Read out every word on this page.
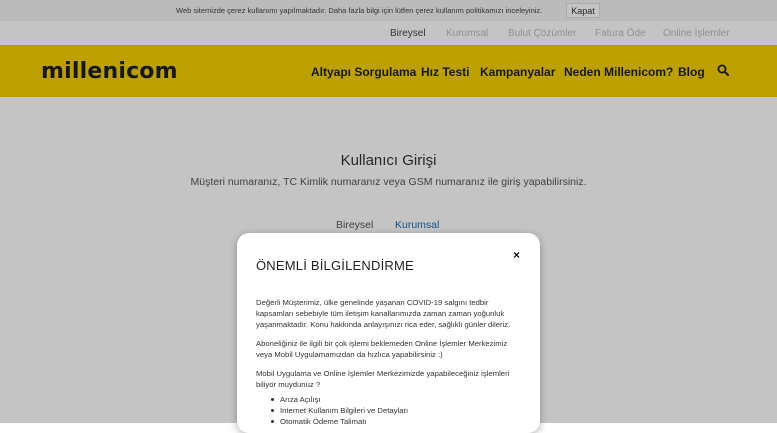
Web sitemizde çerez kullanımı yapılmaktadır. Daha fazla bilgi için lütfen çerez kullanım politikamızı inceleyiniz.	Kapat
Bireysel Kurumsal Bulut Çözümler Fatura Öde Online İşlemler
millenicom	Altyapı Sorgulama Hız Testi Kampanyalar Neden Millenicom? Blog
Kullanıcı Girişi
Müşteri numaranız, TC Kimlik numaranız veya GSM numaranız ile giriş yapabilirsiniz.
Bireysel Kurumsal
ÖNEMLİ BİLGİLENDİRME
×
Değerli Müşterimiz, ülke genelinde yaşanan COVID-19 salgını tedbir kapsamları sebebiyle tüm iletişim kanallarımızda zaman zaman yoğunluk yaşanmaktadır. Konu hakkında anlayışınızı rica eder, sağlıklı günler dileriz.
Aboneliğiniz ile ilgili bir çok işlemi beklemeden Online İşlemler Merkezimiz veya Mobil Uygulamamızdan da hızlıca yapabilirsiniz :)
Mobil Uygulama ve Online İşlemler Merkezimizde yapabileceğiniz işlemleri biliyor muydunuz ?
Arıza Açılışı
İnternet Kullanım Bilgileri ve Detayları
Otomatik Ödeme Talimatı
